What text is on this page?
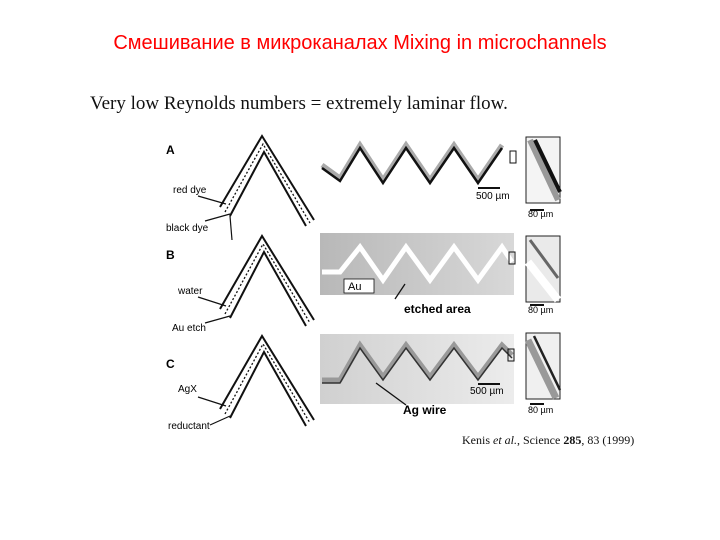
Смешивание в микроканалах Mixing in microchannels
Very low Reynolds numbers = extremely laminar flow.
A
red dye
black dye
500 µm
80 µm
B
water
Au etch
Au
etched area	80 µm
C
AgX
reductant
500 µm
Ag wire	80 µm
Kenis et al., Science 285, 83 (1999)
